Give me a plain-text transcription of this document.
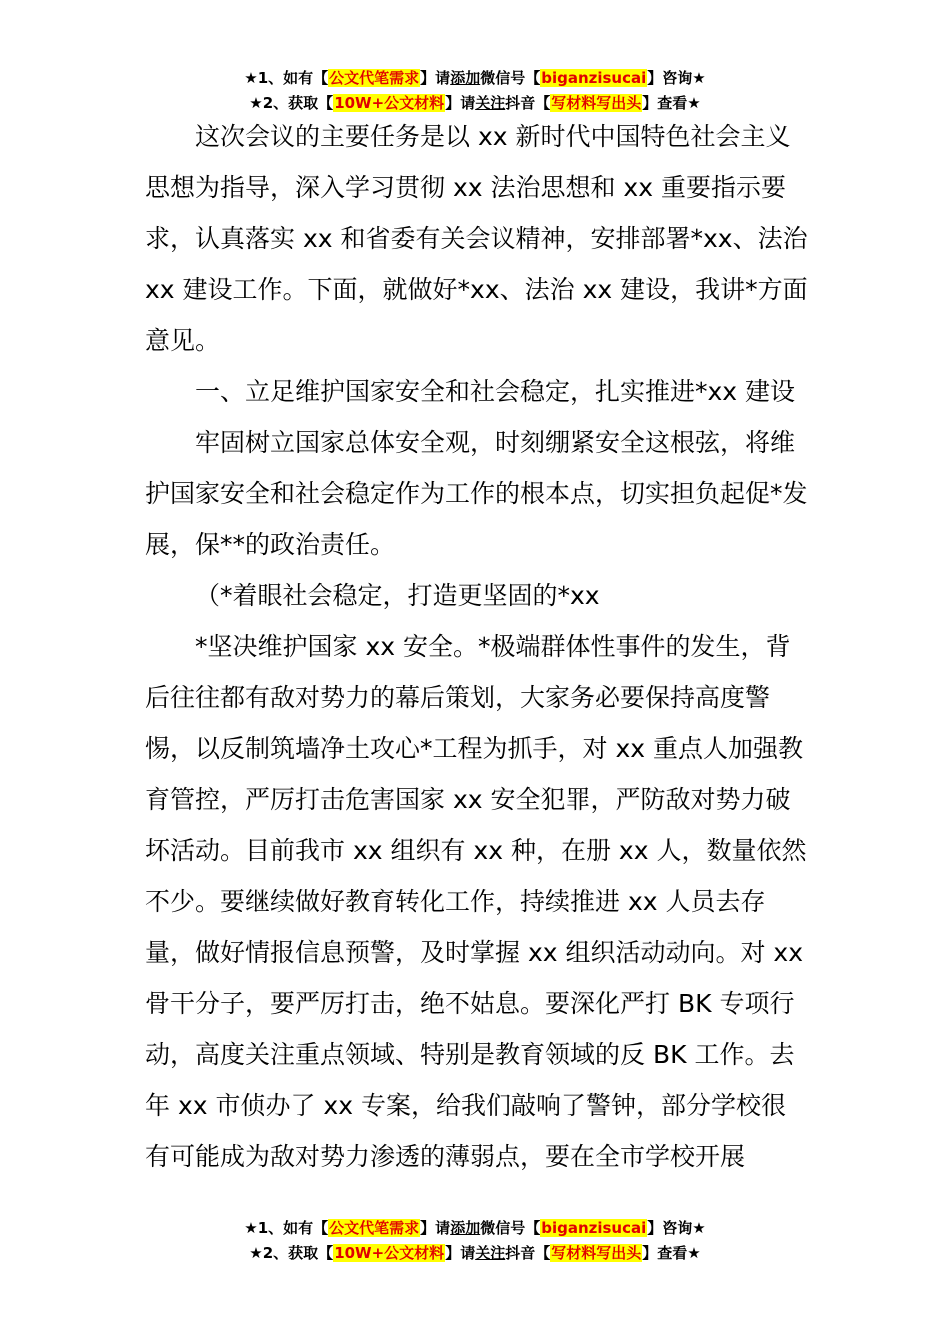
★1、如有【公文代笔需求】请添加微信号【biganzisucai】咨询★
★2、获取【10W+公文材料】请关注抖音【写材料写出头】查看★

这次会议的主要任务是以 xx 新时代中国特色社会主义思想为指导，深入学习贯彻 xx 法治思想和 xx 重要指示要求，认真落实 xx 和省委有关会议精神，安排部署*xx、法治 xx 建设工作。下面，就做好*xx、法治 xx 建设，我讲*方面意见。

一、立足维护国家安全和社会稳定，扎实推进*xx 建设

牢固树立国家总体安全观，时刻绷紧安全这根弦，将维护国家安全和社会稳定作为工作的根本点，切实担负起促*发展，保**的政治责任。

（*着眼社会稳定，打造更坚固的*xx

*坚决维护国家 xx 安全。*极端群体性事件的发生，背后往往都有敌对势力的幕后策划，大家务必要保持高度警惕，以反制筑墙净土攻心*工程为抓手，对 xx 重点人加强教育管控，严厉打击危害国家 xx 安全犯罪，严防敌对势力破坏活动。目前我市 xx 组织有 xx 种，在册 xx 人，数量依然不少。要继续做好教育转化工作，持续推进 xx 人员去存量，做好情报信息预警，及时掌握 xx 组织活动动向。对 xx 骨干分子，要严厉打击，绝不姑息。要深化严打 BK 专项行动，高度关注重点领域、特别是教育领域的反 BK 工作。去年 xx 市侦办了 xx 专案，给我们敲响了警钟，部分学校很有可能成为敌对势力渗透的薄弱点，要在全市学校开展

★1、如有【公文代笔需求】请添加微信号【biganzisucai】咨询★
★2、获取【10W+公文材料】请关注抖音【写材料写出头】查看★
